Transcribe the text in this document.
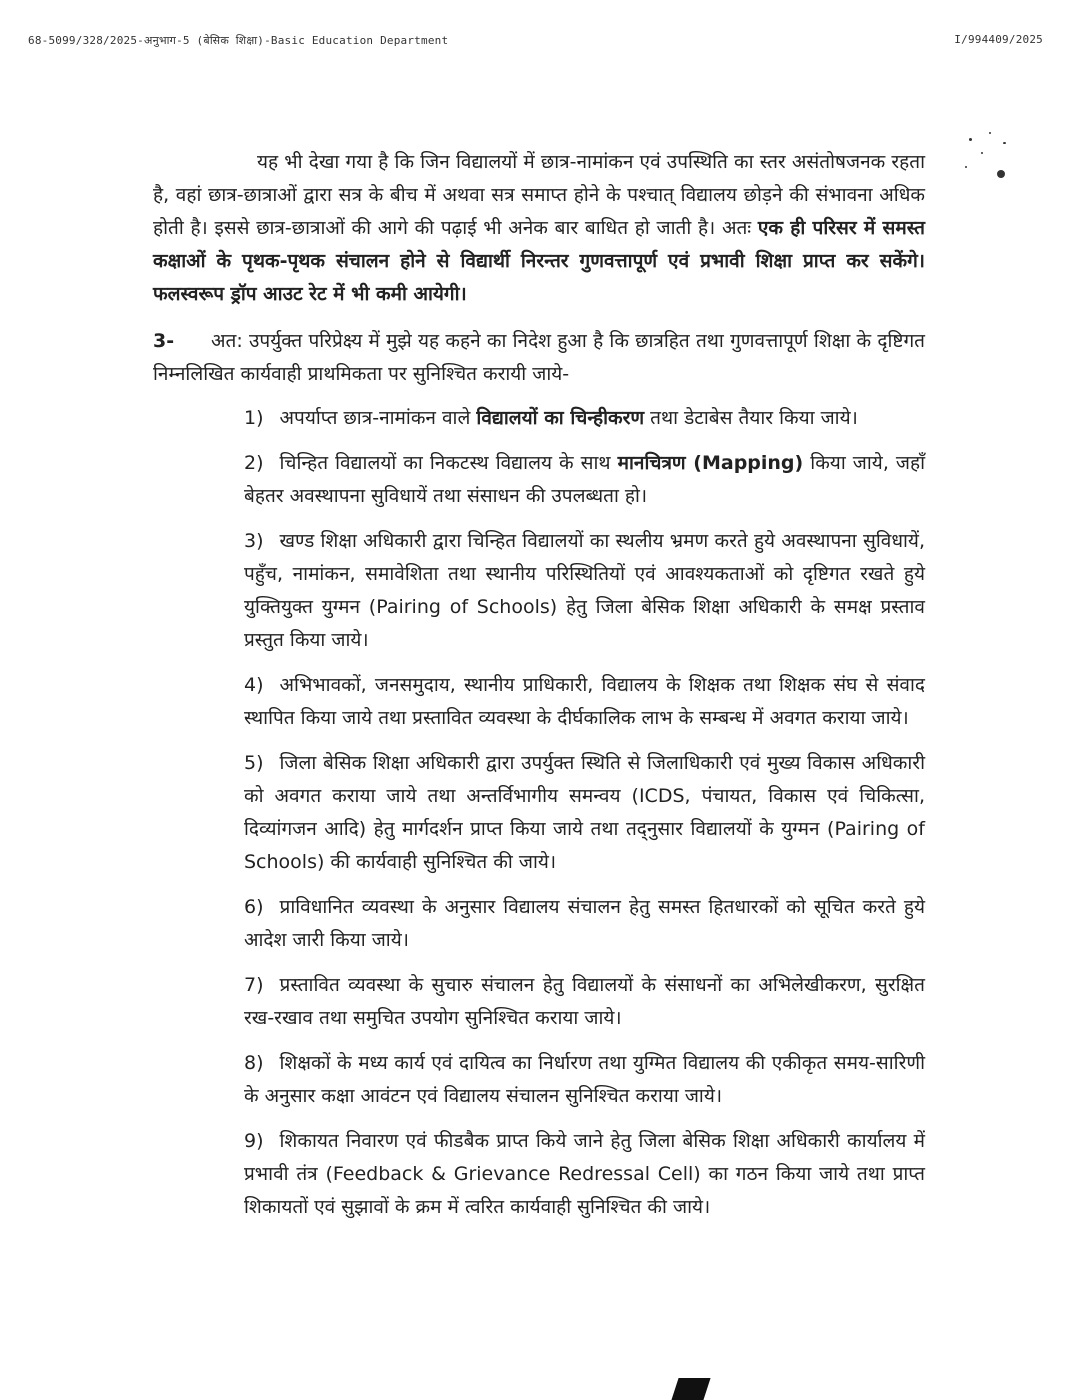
68-5099/328/2025-अनुभाग-5 (बेसिक शिक्षा)-Basic Education Department	I/994409/2025

यह भी देखा गया है कि जिन विद्यालयों में छात्र-नामांकन एवं उपस्थिति का स्तर असंतोषजनक रहता है, वहां छात्र-छात्राओं द्वारा सत्र के बीच में अथवा सत्र समाप्त होने के पश्चात् विद्यालय छोड़ने की संभावना अधिक होती है। इससे छात्र-छात्राओं की आगे की पढ़ाई भी अनेक बार बाधित हो जाती है। अतः एक ही परिसर में समस्त कक्षाओं के पृथक-पृथक संचालन होने से विद्यार्थी निरन्तर गुणवत्तापूर्ण एवं प्रभावी शिक्षा प्राप्त कर सकेंगे। फलस्वरूप ड्रॉप आउट रेट में भी कमी आयेगी।

3- अत: उपर्युक्त परिप्रेक्ष्य में मुझे यह कहने का निदेश हुआ है कि छात्रहित तथा गुणवत्तापूर्ण शिक्षा के दृष्टिगत निम्नलिखित कार्यवाही प्राथमिकता पर सुनिश्चित करायी जाये-

1) अपर्याप्त छात्र-नामांकन वाले विद्यालयों का चिन्हीकरण तथा डेटाबेस तैयार किया जाये।
2) चिन्हित विद्यालयों का निकटस्थ विद्यालय के साथ मानचित्रण (Mapping) किया जाये, जहाँ बेहतर अवस्थापना सुविधायें तथा संसाधन की उपलब्धता हो।
3) खण्ड शिक्षा अधिकारी द्वारा चिन्हित विद्यालयों का स्थलीय भ्रमण करते हुये अवस्थापना सुविधायें, पहुँच, नामांकन, समावेशिता तथा स्थानीय परिस्थितियों एवं आवश्यकताओं को दृष्टिगत रखते हुये युक्तियुक्त युग्मन (Pairing of Schools) हेतु जिला बेसिक शिक्षा अधिकारी के समक्ष प्रस्ताव प्रस्तुत किया जाये।
4) अभिभावकों, जनसमुदाय, स्थानीय प्राधिकारी, विद्यालय के शिक्षक तथा शिक्षक संघ से संवाद स्थापित किया जाये तथा प्रस्तावित व्यवस्था के दीर्घकालिक लाभ के सम्बन्ध में अवगत कराया जाये।
5) जिला बेसिक शिक्षा अधिकारी द्वारा उपर्युक्त स्थिति से जिलाधिकारी एवं मुख्य विकास अधिकारी को अवगत कराया जाये तथा अन्तर्विभागीय समन्वय (ICDS, पंचायत, विकास एवं चिकित्सा, दिव्यांगजन आदि) हेतु मार्गदर्शन प्राप्त किया जाये तथा तद्नुसार विद्यालयों के युग्मन (Pairing of Schools) की कार्यवाही सुनिश्चित की जाये।
6) प्राविधानित व्यवस्था के अनुसार विद्यालय संचालन हेतु समस्त हितधारकों को सूचित करते हुये आदेश जारी किया जाये।
7) प्रस्तावित व्यवस्था के सुचारु संचालन हेतु विद्यालयों के संसाधनों का अभिलेखीकरण, सुरक्षित रख-रखाव तथा समुचित उपयोग सुनिश्चित कराया जाये।
8) शिक्षकों के मध्य कार्य एवं दायित्व का निर्धारण तथा युग्मित विद्यालय की एकीकृत समय-सारिणी के अनुसार कक्षा आवंटन एवं विद्यालय संचालन सुनिश्चित कराया जाये।
9) शिकायत निवारण एवं फीडबैक प्राप्त किये जाने हेतु जिला बेसिक शिक्षा अधिकारी कार्यालय में प्रभावी तंत्र (Feedback & Grievance Redressal Cell) का गठन किया जाये तथा प्राप्त शिकायतों एवं सुझावों के क्रम में त्वरित कार्यवाही सुनिश्चित की जाये।
